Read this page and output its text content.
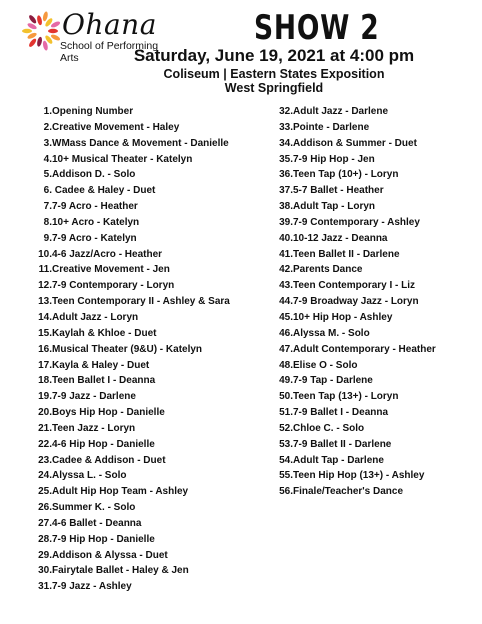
Ohana
School of Performing Arts
SHOW 2
Saturday, June 19, 2021 at 4:00 pm
Coliseum | Eastern States Exposition
West Springfield
1.Opening Number
2.Creative Movement - Haley
3.WMass Dance & Movement - Danielle
4.10+ Musical Theater - Katelyn
5.Addison D. - Solo
6. Cadee & Haley - Duet
7.7-9 Acro - Heather
8.10+ Acro - Katelyn
9.7-9 Acro - Katelyn
10.4-6 Jazz/Acro - Heather
11.Creative Movement - Jen
12.7-9 Contemporary - Loryn
13.Teen Contemporary II - Ashley & Sara
14.Adult Jazz - Loryn
15.Kaylah & Khloe - Duet
16.Musical Theater (9&U) - Katelyn
17.Kayla & Haley - Duet
18.Teen Ballet I - Deanna
19.7-9 Jazz - Darlene
20.Boys Hip Hop - Danielle
21.Teen Jazz - Loryn
22.4-6 Hip Hop - Danielle
23.Cadee & Addison - Duet
24.Alyssa L. - Solo
25.Adult Hip Hop Team - Ashley
26.Summer K. - Solo
27.4-6 Ballet - Deanna
28.7-9 Hip Hop - Danielle
29.Addison & Alyssa - Duet
30.Fairytale Ballet - Haley & Jen
31.7-9 Jazz - Ashley
32.Adult Jazz - Darlene
33.Pointe - Darlene
34.Addison & Summer - Duet
35.7-9 Hip Hop - Jen
36.Teen Tap (10+) - Loryn
37.5-7 Ballet - Heather
38.Adult Tap - Loryn
39.7-9 Contemporary - Ashley
40.10-12 Jazz - Deanna
41.Teen Ballet II - Darlene
42.Parents Dance
43.Teen Contemporary I - Liz
44.7-9 Broadway Jazz - Loryn
45.10+ Hip Hop - Ashley
46.Alyssa M. - Solo
47.Adult Contemporary - Heather
48.Elise O - Solo
49.7-9 Tap - Darlene
50.Teen Tap (13+) - Loryn
51.7-9 Ballet I - Deanna
52.Chloe C. - Solo
53.7-9 Ballet II - Darlene
54.Adult Tap - Darlene
55.Teen Hip Hop (13+) - Ashley
56.Finale/Teacher's Dance
